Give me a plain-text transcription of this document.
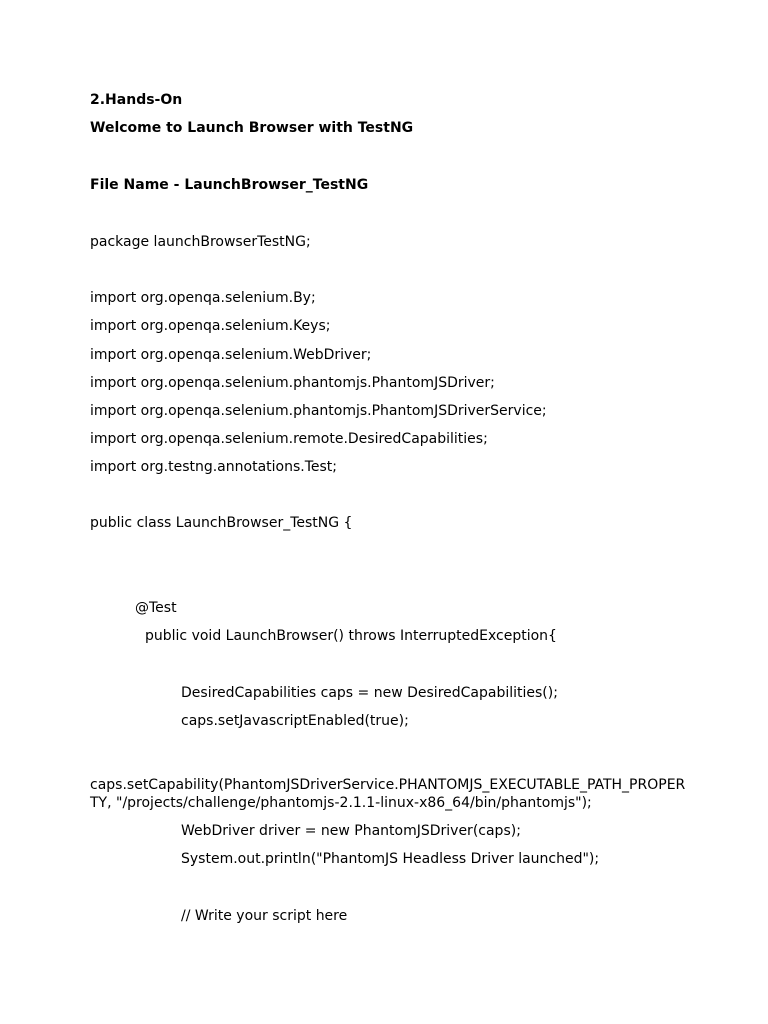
2.Hands-On
Welcome to Launch Browser with TestNG
File Name - LaunchBrowser_TestNG
package launchBrowserTestNG;
import org.openqa.selenium.By;
import org.openqa.selenium.Keys;
import org.openqa.selenium.WebDriver;
import org.openqa.selenium.phantomjs.PhantomJSDriver;
import org.openqa.selenium.phantomjs.PhantomJSDriverService;
import org.openqa.selenium.remote.DesiredCapabilities;
import org.testng.annotations.Test;
public class LaunchBrowser_TestNG {
@Test
public void LaunchBrowser() throws InterruptedException{
DesiredCapabilities caps = new DesiredCapabilities();
caps.setJavascriptEnabled(true);
caps.setCapability(PhantomJSDriverService.PHANTOMJS_EXECUTABLE_PATH_PROPER
TY, "/projects/challenge/phantomjs-2.1.1-linux-x86_64/bin/phantomjs");
WebDriver driver = new PhantomJSDriver(caps);
System.out.println("PhantomJS Headless Driver launched");
// Write your script here
